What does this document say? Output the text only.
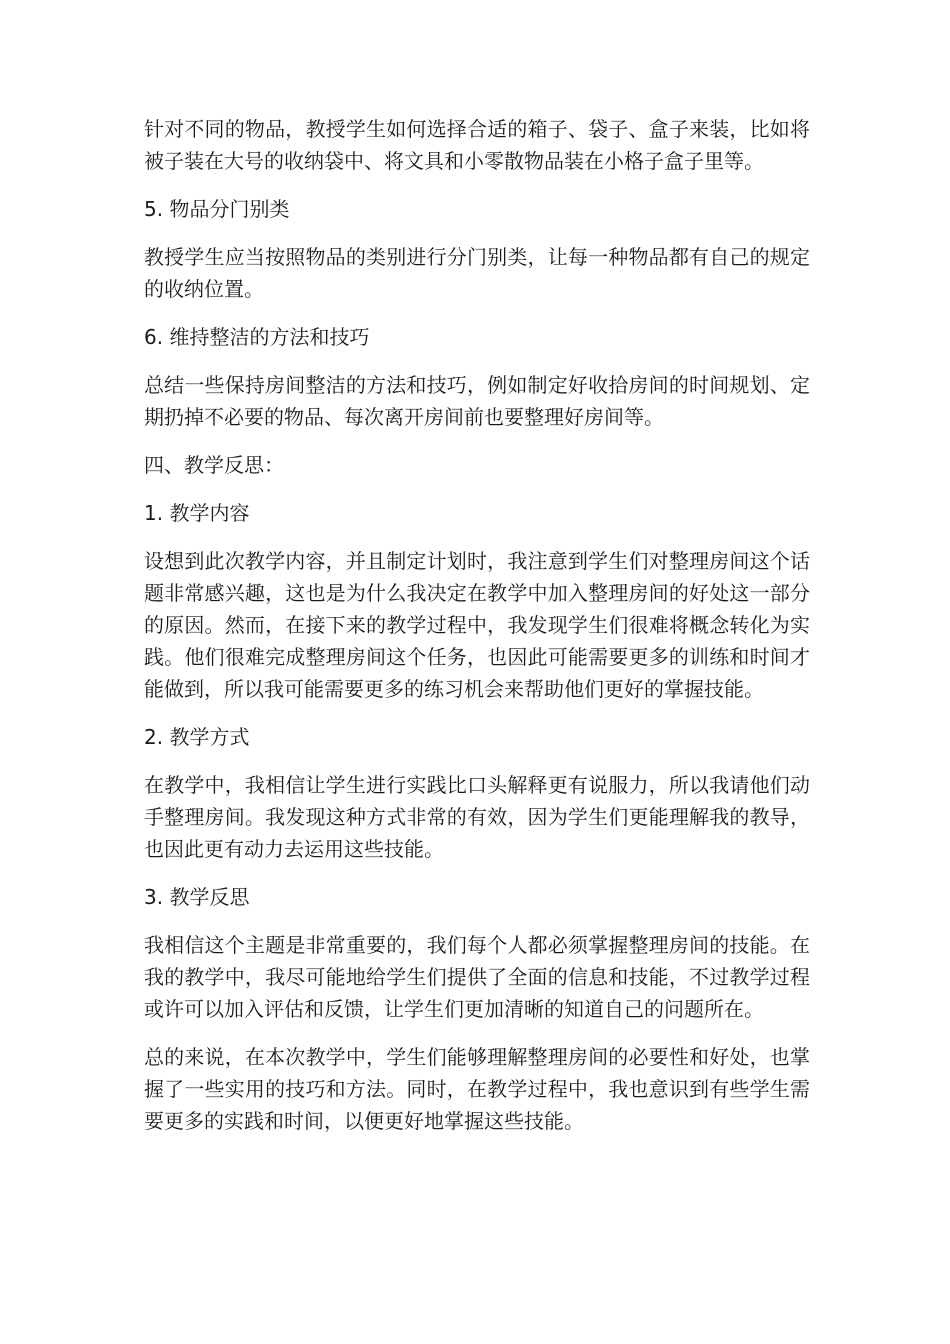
针对不同的物品，教授学生如何选择合适的箱子、袋子、盒子来装，比如将被子装在大号的收纳袋中、将文具和小零散物品装在小格子盒子里等。

5. 物品分门别类

教授学生应当按照物品的类别进行分门别类，让每一种物品都有自己的规定的收纳位置。

6. 维持整洁的方法和技巧

总结一些保持房间整洁的方法和技巧，例如制定好收拾房间的时间规划、定期扔掉不必要的物品、每次离开房间前也要整理好房间等。

四、教学反思：

1. 教学内容

设想到此次教学内容，并且制定计划时，我注意到学生们对整理房间这个话题非常感兴趣，这也是为什么我决定在教学中加入整理房间的好处这一部分的原因。然而，在接下来的教学过程中，我发现学生们很难将概念转化为实践。他们很难完成整理房间这个任务，也因此可能需要更多的训练和时间才能做到，所以我可能需要更多的练习机会来帮助他们更好的掌握技能。

2. 教学方式

在教学中，我相信让学生进行实践比口头解释更有说服力，所以我请他们动手整理房间。我发现这种方式非常的有效，因为学生们更能理解我的教导，也因此更有动力去运用这些技能。

3. 教学反思

我相信这个主题是非常重要的，我们每个人都必须掌握整理房间的技能。在我的教学中，我尽可能地给学生们提供了全面的信息和技能，不过教学过程或许可以加入评估和反馈，让学生们更加清晰的知道自己的问题所在。

总的来说，在本次教学中，学生们能够理解整理房间的必要性和好处，也掌握了一些实用的技巧和方法。同时，在教学过程中，我也意识到有些学生需要更多的实践和时间，以便更好地掌握这些技能。
